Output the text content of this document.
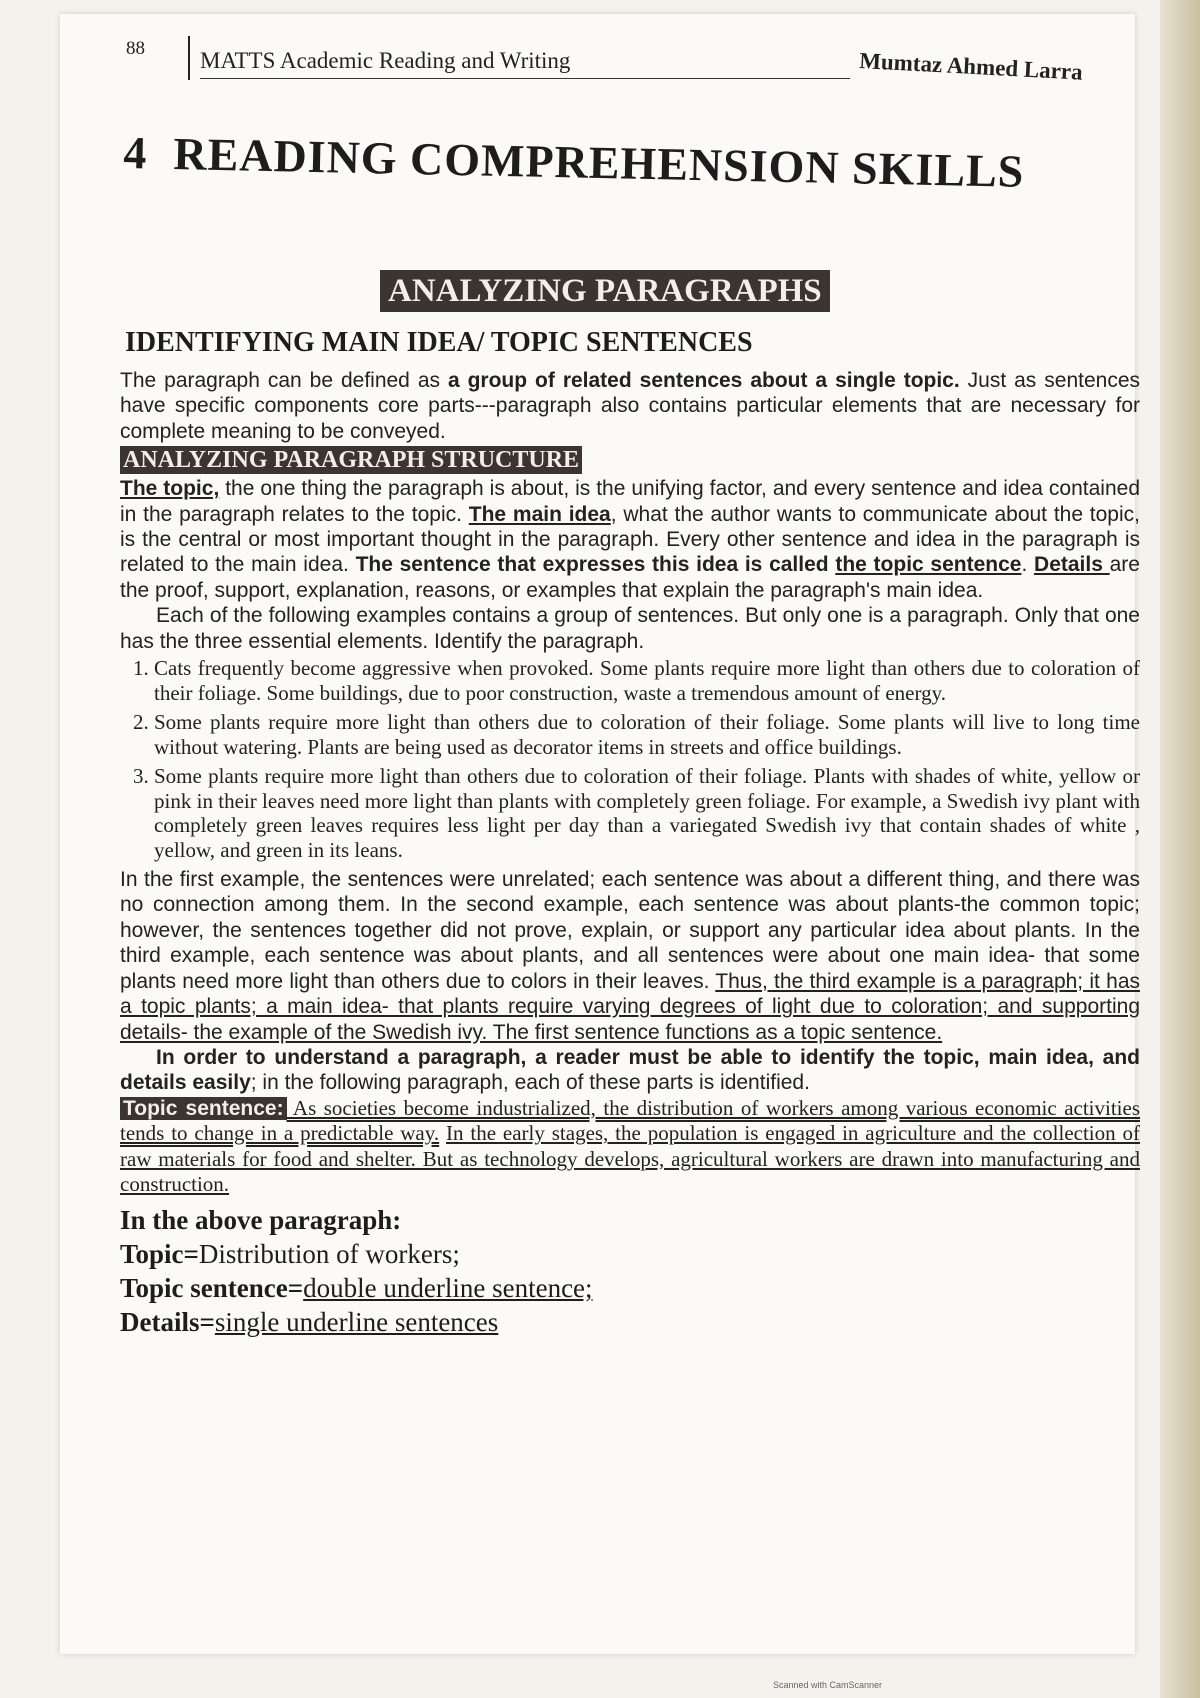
88 MATTS Academic Reading and Writing	Mumtaz Ahmed Larra
4 READING COMPREHENSION SKILLS
ANALYZING PARAGRAPHS
IDENTIFYING MAIN IDEA/ TOPIC SENTENCES

The paragraph can be defined as a group of related sentences about a single topic. Just as sentences have specific components core parts---paragraph also contains particular elements that are necessary for complete meaning to be conveyed.

ANALYZING PARAGRAPH STRUCTURE

The topic, the one thing the paragraph is about, is the unifying factor, and every sentence and idea contained in the paragraph relates to the topic. The main idea, what the author wants to communicate about the topic, is the central or most important thought in the paragraph. Every other sentence and idea in the paragraph is related to the main idea. The sentence that expresses this idea is called the topic sentence. Details are the proof, support, explanation, reasons, or examples that explain the paragraph's main idea.

Each of the following examples contains a group of sentences. But only one is a paragraph. Only that one has the three essential elements. Identify the paragraph.

1. Cats frequently become aggressive when provoked. Some plants require more light than others due to coloration of their foliage. Some buildings, due to poor construction, waste a tremendous amount of energy.
2. Some plants require more light than others due to coloration of their foliage. Some plants will live to long time without watering. Plants are being used as decorator items in streets and office buildings.
3. Some plants require more light than others due to coloration of their foliage. Plants with shades of white, yellow or pink in their leaves need more light than plants with completely green foliage. For example, a Swedish ivy plant with completely green leaves requires less light per day than a variegated Swedish ivy that contain shades of white , yellow, and green in its leans.

In the first example, the sentences were unrelated; each sentence was about a different thing, and there was no connection among them. In the second example, each sentence was about plants-the common topic; however, the sentences together did not prove, explain, or support any particular idea about plants. In the third example, each sentence was about plants, and all sentences were about one main idea- that some plants need more light than others due to colors in their leaves. Thus, the third example is a paragraph; it has a topic plants; a main idea- that plants require varying degrees of light due to coloration; and supporting details- the example of the Swedish ivy. The first sentence functions as a topic sentence.

In order to understand a paragraph, a reader must be able to identify the topic, main idea, and details easily; in the following paragraph, each of these parts is identified.

Topic sentence: As societies become industrialized, the distribution of workers among various economic activities tends to change in a predictable way. In the early stages, the population is engaged in agriculture and the collection of raw materials for food and shelter. But as technology develops, agricultural workers are drawn into manufacturing and construction.

In the above paragraph:
Topic=Distribution of workers;
Topic sentence=double underline sentence;
Details=single underline sentences
Scanned with CamScanner
